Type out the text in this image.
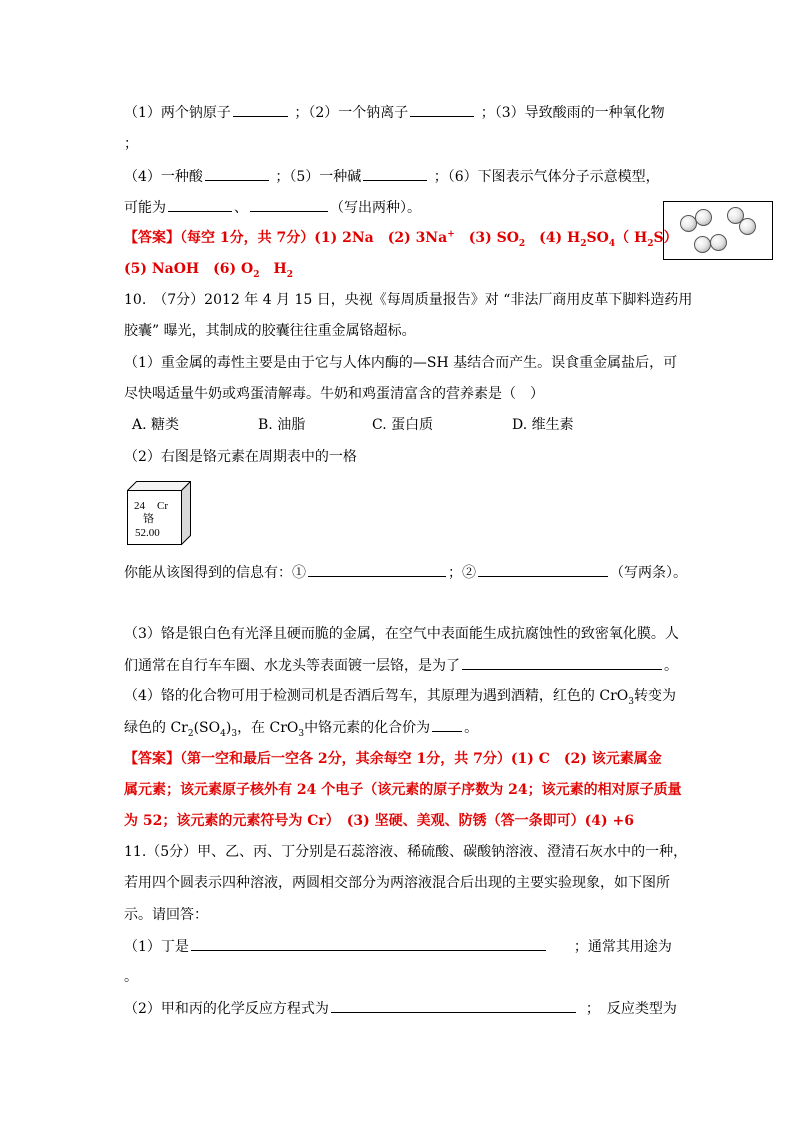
（1）两个钠原子	；（2）一个钠离子	；（3）导致酸雨的一种氧化物
；
（4）一种酸	；（5）一种碱	；（6）下图表示气体分子示意模型，
可能为	、	（写出两种）。
【答案】（每空 1分，共 7分）(1) 2Na　(2) 3Na+　(3) $SO_2$　(4) $H_2SO_4$（ $H_2S$）
(5) NaOH　(6) $O_2$　$H_2$
10.　（7分）2012 年 4 月 15 日，央视《每周质量报告》对 “非法厂商用皮革下脚料造药用
胶囊” 曝光，其制成的胶囊往往重金属铬超标。
（1）重金属的毒性主要是由于它与人体内酶的—SH 基结合而产生。误食重金属盐后，可
尽快喝适量牛奶或鸡蛋清解毒。牛奶和鸡蛋清富含的营养素是（　）
A. 糖类	B. 油脂	C. 蛋白质	D. 维生素
（2）右图是铬元素在周期表中的一格
24 Cr
铬
52.00
你能从该图得到的信息有：①	；②	（写两条）。
（3）铬是银白色有光泽且硬而脆的金属，在空气中表面能生成抗腐蚀性的致密氧化膜。人
们通常在自行车车圈、水龙头等表面镀一层铬，是为了	。
（4）铬的化合物可用于检测司机是否酒后驾车，其原理为遇到酒精，红色的 CrO$_3$转变为
绿色的 $Cr_2(SO_4)_3$，在 CrO$_3$中铬元素的化合价为 。
【答案】（第一空和最后一空各 2分，其余每空 1分，共 7分）(1) C　(2) 该元素属金
属元素；该元素原子核外有 24 个电子（该元素的原子序数为 24；该元素的相对原子质量
为 52；该元素的元素符号为 Cr）　(3) 坚硬、美观、防锈（答一条即可）(4) +6
11.（5分）甲、乙、丙、丁分别是石蕊溶液、稀硫酸、碳酸钠溶液、澄清石灰水中的一种，
若用四个圆表示四种溶液，两圆相交部分为两溶液混合后出现的主要实验现象，如下图所
示。请回答：
（1）丁是	；通常其用途为
。
（2）甲和丙的化学反应方程式为	；　反应类型为
